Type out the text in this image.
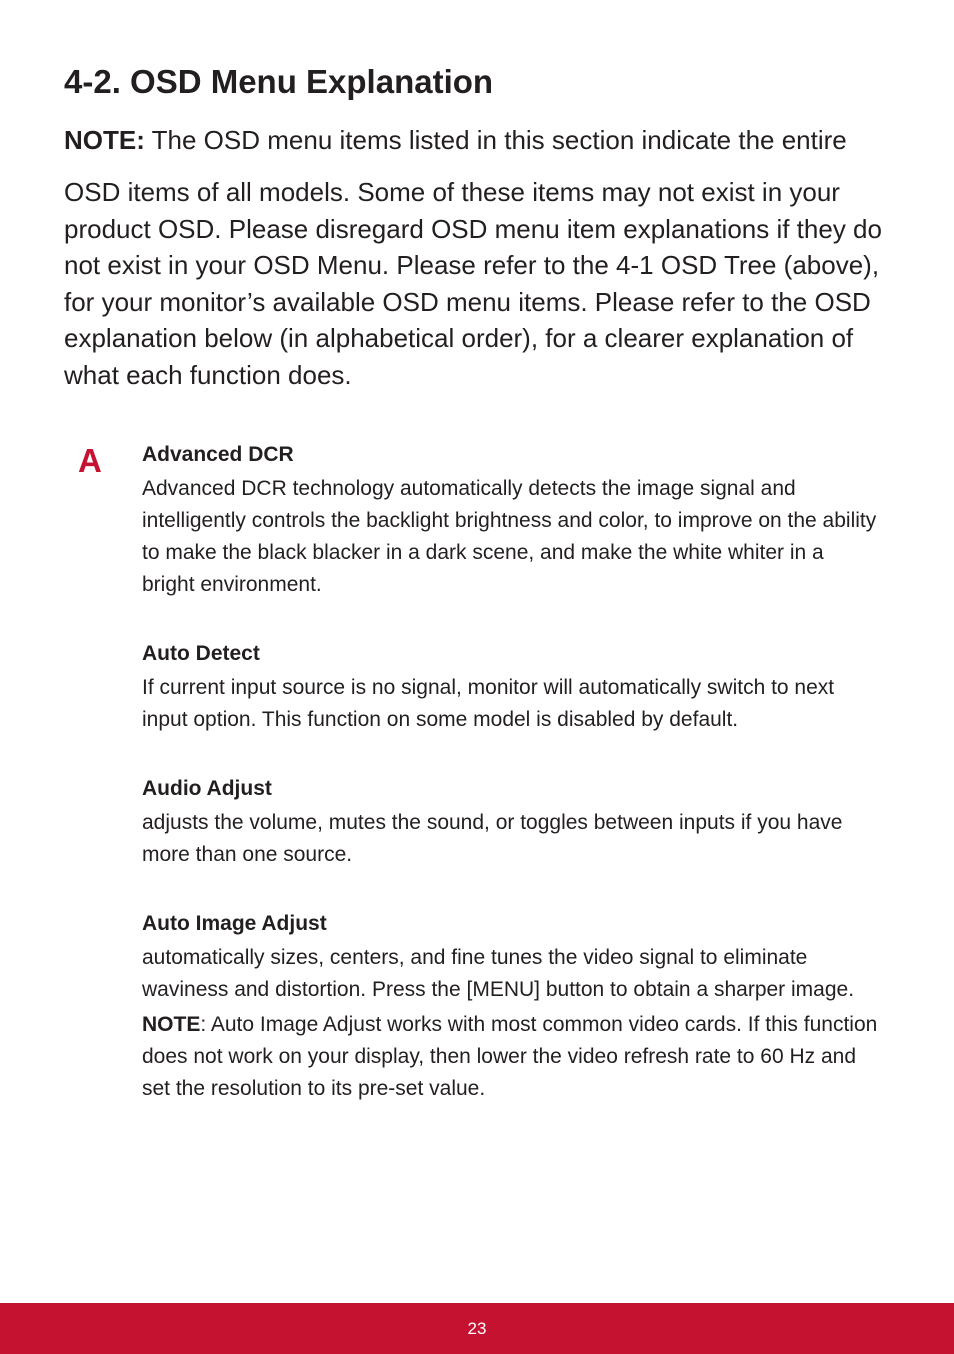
4-2. OSD Menu Explanation

NOTE: The OSD menu items listed in this section indicate the entire

OSD items of all models. Some of these items may not exist in your product OSD. Please disregard OSD menu item explanations if they do not exist in your OSD Menu. Please refer to the 4-1 OSD Tree (above), for your monitor’s available OSD menu items. Please refer to the OSD explanation below (in alphabetical order), for a clearer explanation of what each function does.

A Advanced DCR

Advanced DCR technology automatically detects the image signal and intelligently controls the backlight brightness and color, to improve on the ability to make the black blacker in a dark scene, and make the white whiter in a bright environment.

Auto Detect

If current input source is no signal, monitor will automatically switch to next input option. This function on some model is disabled by default.

Audio Adjust

adjusts the volume, mutes the sound, or toggles between inputs if you have more than one source.

Auto Image Adjust

automatically sizes, centers, and fine tunes the video signal to eliminate waviness and distortion. Press the [MENU] button to obtain a sharper image.

NOTE: Auto Image Adjust works with most common video cards. If this function does not work on your display, then lower the video refresh rate to 60 Hz and set the resolution to its pre-set value.

23
